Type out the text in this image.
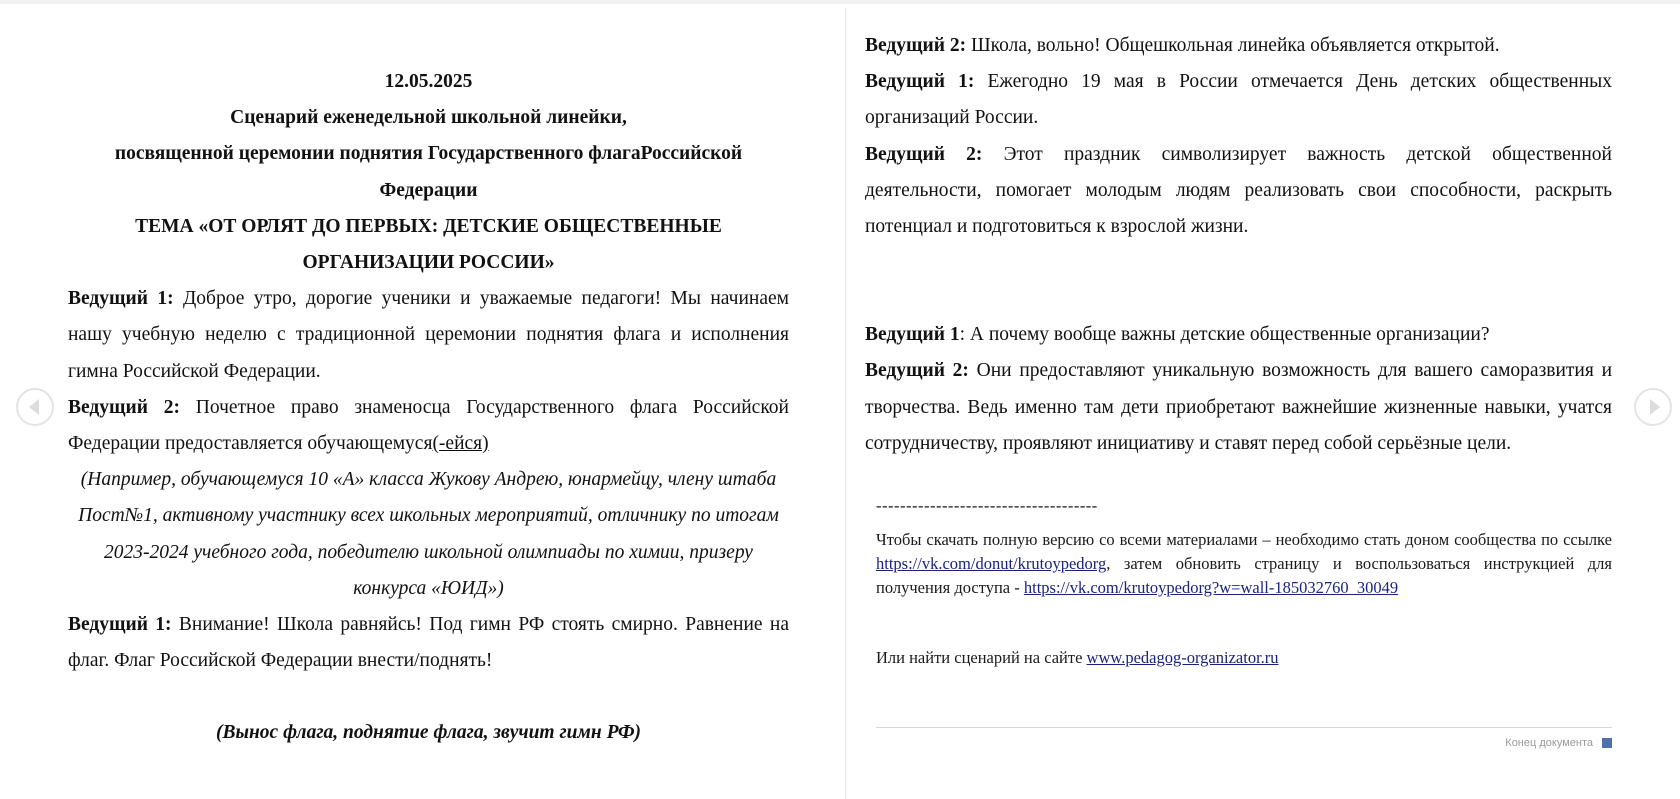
12.05.2025

Сценарий еженедельной школьной линейки,

посвященной церемонии поднятия Государственного флагаРоссийской Федерации

ТЕМА «ОТ ОРЛЯТ ДО ПЕРВЫХ: ДЕТСКИЕ ОБЩЕСТВЕННЫЕ ОРГАНИЗАЦИИ РОССИИ»

Ведущий 1: Доброе утро, дорогие ученики и уважаемые педагоги! Мы начинаем нашу учебную неделю с традиционной церемонии поднятия флага и исполнения гимна Российской Федерации.

Ведущий 2: Почетное право знаменосца Государственного флага Российской Федерации предоставляется обучающемуся(-ейся)

(Например, обучающемуся 10 «А» класса Жукову Андрею, юнармейцу, члену штаба Пост№1, активному участнику всех школьных мероприятий, отличнику по итогам 2023-2024 учебного года, победителю школьной олимпиады по химии, призеру конкурса «ЮИД»)

Ведущий 1: Внимание! Школа равняйсь! Под гимн РФ стоять смирно. Равнение на флаг. Флаг Российской Федерации внести/поднять!

(Вынос флага, поднятие флага, звучит гимн РФ)

Ведущий 2: Школа, вольно! Общешкольная линейка объявляется открытой.

Ведущий 1: Ежегодно 19 мая в России отмечается День детских общественных организаций России.

Ведущий 2: Этот праздник символизирует важность детской общественной деятельности, помогает молодым людям реализовать свои способности, раскрыть потенциал и подготовиться к взрослой жизни.

Ведущий 1: А почему вообще важны детские общественные организации?

Ведущий 2: Они предоставляют уникальную возможность для вашего саморазвития и творчества. Ведь именно там дети приобретают важнейшие жизненные навыки, учатся сотрудничеству, проявляют инициативу и ставят перед собой серьёзные цели.

-------------------------------------

Чтобы скачать полную версию со всеми материалами – необходимо стать доном сообщества по ссылке https://vk.com/donut/krutoypedorg, затем обновить страницу и воспользоваться инструкцией для получения доступа - https://vk.com/krutoypedorg?w=wall-185032760_30049

Или найти сценарий на сайте www.pedagog-organizator.ru

Конец документа
